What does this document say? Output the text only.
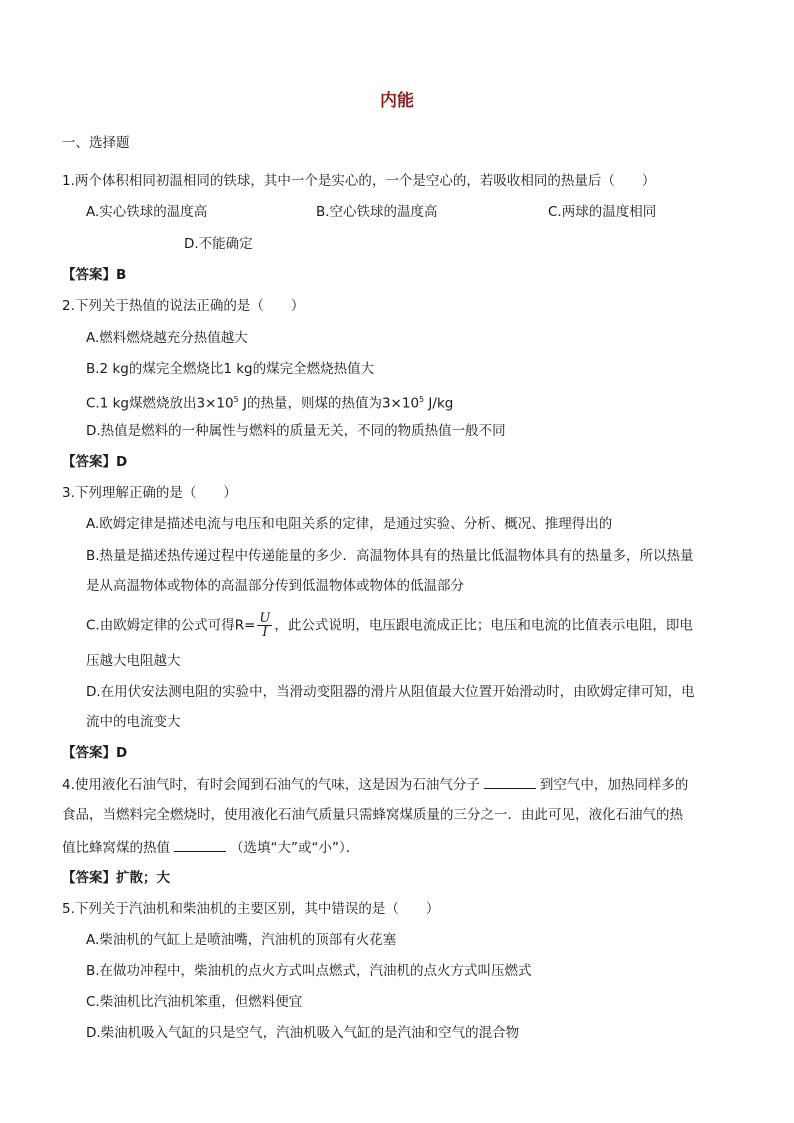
内能
一、选择题
1.两个体积相同初温相同的铁球，其中一个是实心的，一个是空心的，若吸收相同的热量后（　　）
A.实心铁球的温度高	B.空心铁球的温度高	C.两球的温度相同
D.不能确定
【答案】B
2.下列关于热值的说法正确的是（　　）
A.燃料燃烧越充分热值越大
B.2 kg的煤完全燃烧比1 kg的煤完全燃烧热值大
C.1 kg煤燃烧放出$3\times 10^5$ J的热量，则煤的热值为$3\times 10^5$ J/kg
D.热值是燃料的一种属性与燃料的质量无关，不同的物质热值一般不同
【答案】D
3.下列理解正确的是（　　）
A.欧姆定律是描述电流与电压和电阻关系的定律，是通过实验、分析、概况、推理得出的
B.热量是描述热传递过程中传递能量的多少．高温物体具有的热量比低温物体具有的热量多，所以热量
是从高温物体或物体的高温部分传到低温物体或物体的低温部分
C.由欧姆定律的公式可得$R= \frac{U}{I}$ ，此公式说明，电压跟电流成正比；电压和电流的比值表示电阻，即电
压越大电阻越大
D.在用伏安法测电阻的实验中，当滑动变阻器的滑片从阻值最大位置开始滑动时，由欧姆定律可知，电
流中的电流变大
【答案】D
4.使用液化石油气时，有时会闻到石油气的气味，这是因为石油气分子	到空气中，加热同样多的
食品，当燃料完全燃烧时，使用液化石油气质量只需蜂窝煤质量的三分之一．由此可见，液化石油气的热
值比蜂窝煤的热值	（选填“大”或“小”）．
【答案】扩散；大
5.下列关于汽油机和柴油机的主要区别，其中错误的是（　　）
A.柴油机的气缸上是喷油嘴，汽油机的顶部有火花塞
B.在做功冲程中，柴油机的点火方式叫点燃式，汽油机的点火方式叫压燃式
C.柴油机比汽油机笨重，但燃料便宜
D.柴油机吸入气缸的只是空气，汽油机吸入气缸的是汽油和空气的混合物
